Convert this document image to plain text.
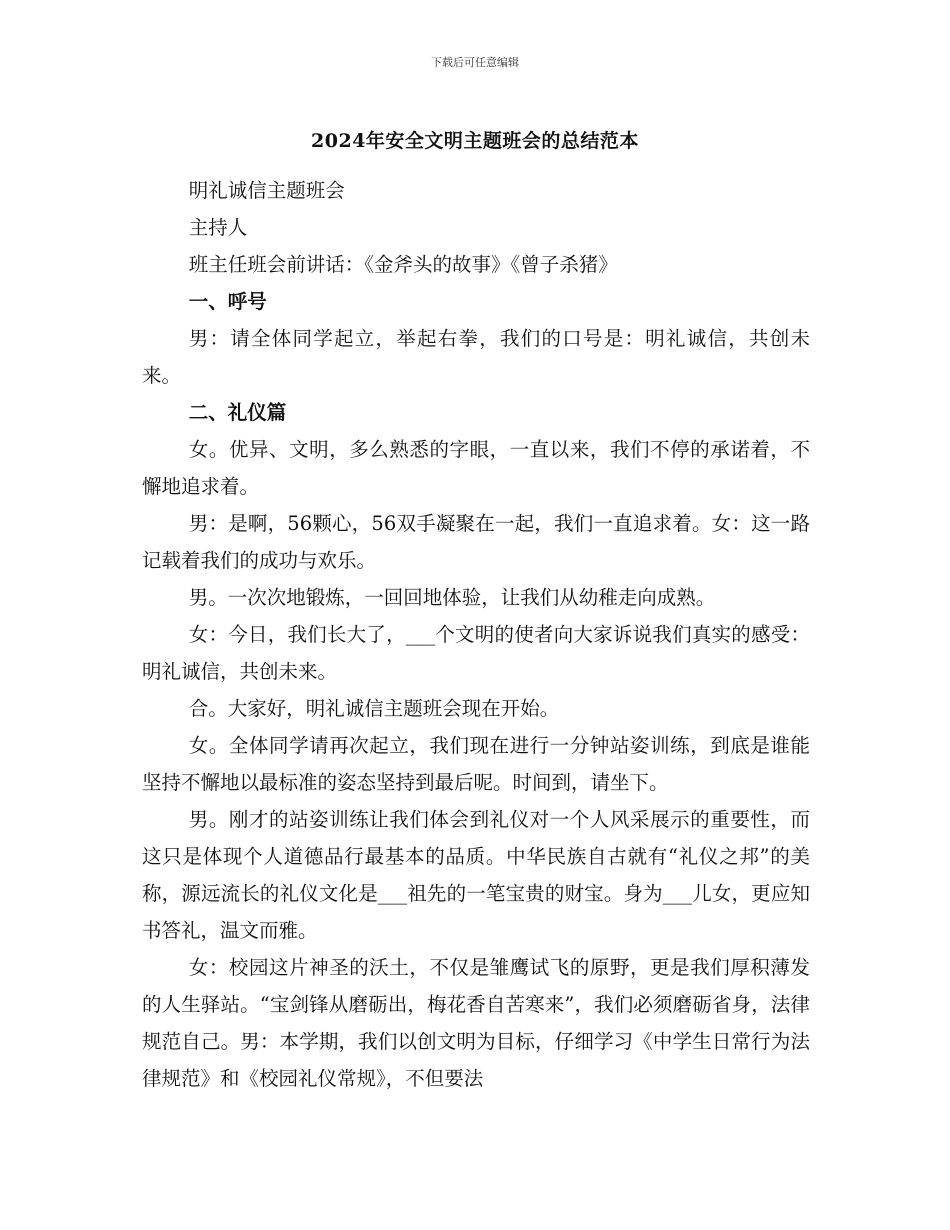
下载后可任意编辑
2024年安全文明主题班会的总结范本

明礼诚信主题班会

主持人

班主任班会前讲话：《金斧头的故事》《曾子杀猪》

一、呼号

男：请全体同学起立，举起右拳，我们的口号是：明礼诚信，共创未来。

二、礼仪篇

女。优异、文明，多么熟悉的字眼，一直以来，我们不停的承诺着，不懈地追求着。

男：是啊，56颗心，56双手凝聚在一起，我们一直追求着。女：这一路记载着我们的成功与欢乐。

男。一次次地锻炼，一回回地体验，让我们从幼稚走向成熟。

女：今日，我们长大了，___个文明的使者向大家诉说我们真实的感受：明礼诚信，共创未来。

合。大家好，明礼诚信主题班会现在开始。

女。全体同学请再次起立，我们现在进行一分钟站姿训练，到底是谁能坚持不懈地以最标准的姿态坚持到最后呢。时间到，请坐下。

男。刚才的站姿训练让我们体会到礼仪对一个人风采展示的重要性，而这只是体现个人道德品行最基本的品质。中华民族自古就有“礼仪之邦”的美称，源远流长的礼仪文化是___祖先的一笔宝贵的财宝。身为___儿女，更应知书答礼，温文而雅。

女：校园这片神圣的沃土，不仅是雏鹰试飞的原野，更是我们厚积薄发的人生驿站。“宝剑锋从磨砺出，梅花香自苦寒来”，我们必须磨砺省身，法律规范自己。男：本学期，我们以创文明为目标，仔细学习《中学生日常行为法律规范》和《校园礼仪常规》，不但要法
